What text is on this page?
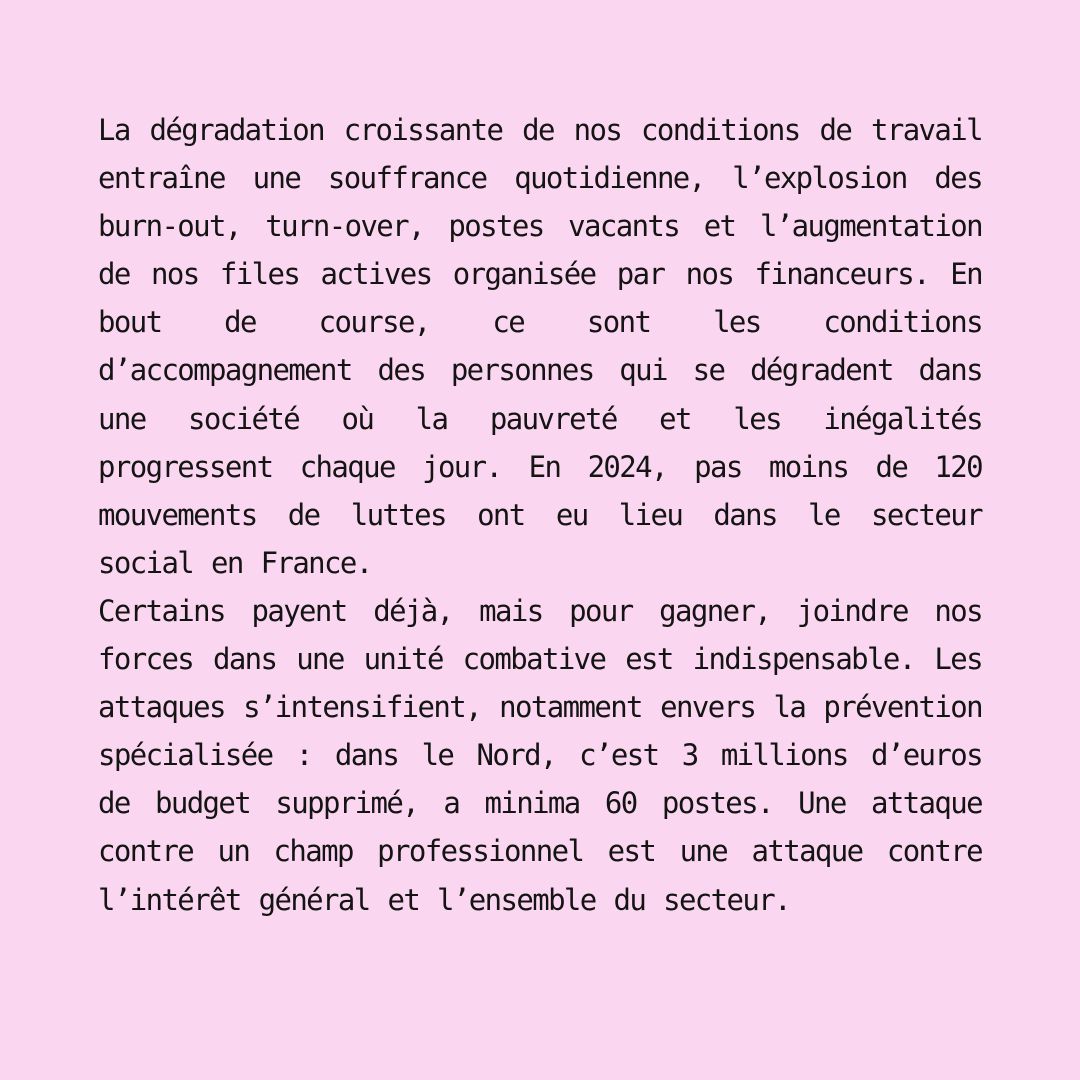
La dégradation croissante de nos conditions de travail entraîne une souffrance quotidienne, l’explosion des burn-out, turn-over, postes vacants et l’augmentation de nos files actives organisée par nos financeurs. En bout de course, ce sont les conditions d’accompagnement des personnes qui se dégradent dans une société où la pauvreté et les inégalités progressent chaque jour. En 2024, pas moins de 120 mouvements de luttes ont eu lieu dans le secteur social en France.

Certains payent déjà, mais pour gagner, joindre nos forces dans une unité combative est indispensable. Les attaques s’intensifient, notamment envers la prévention spécialisée : dans le Nord, c’est 3 millions d’euros de budget supprimé, a minima 60 postes. Une attaque contre un champ professionnel est une attaque contre l’intérêt général et l’ensemble du secteur.
